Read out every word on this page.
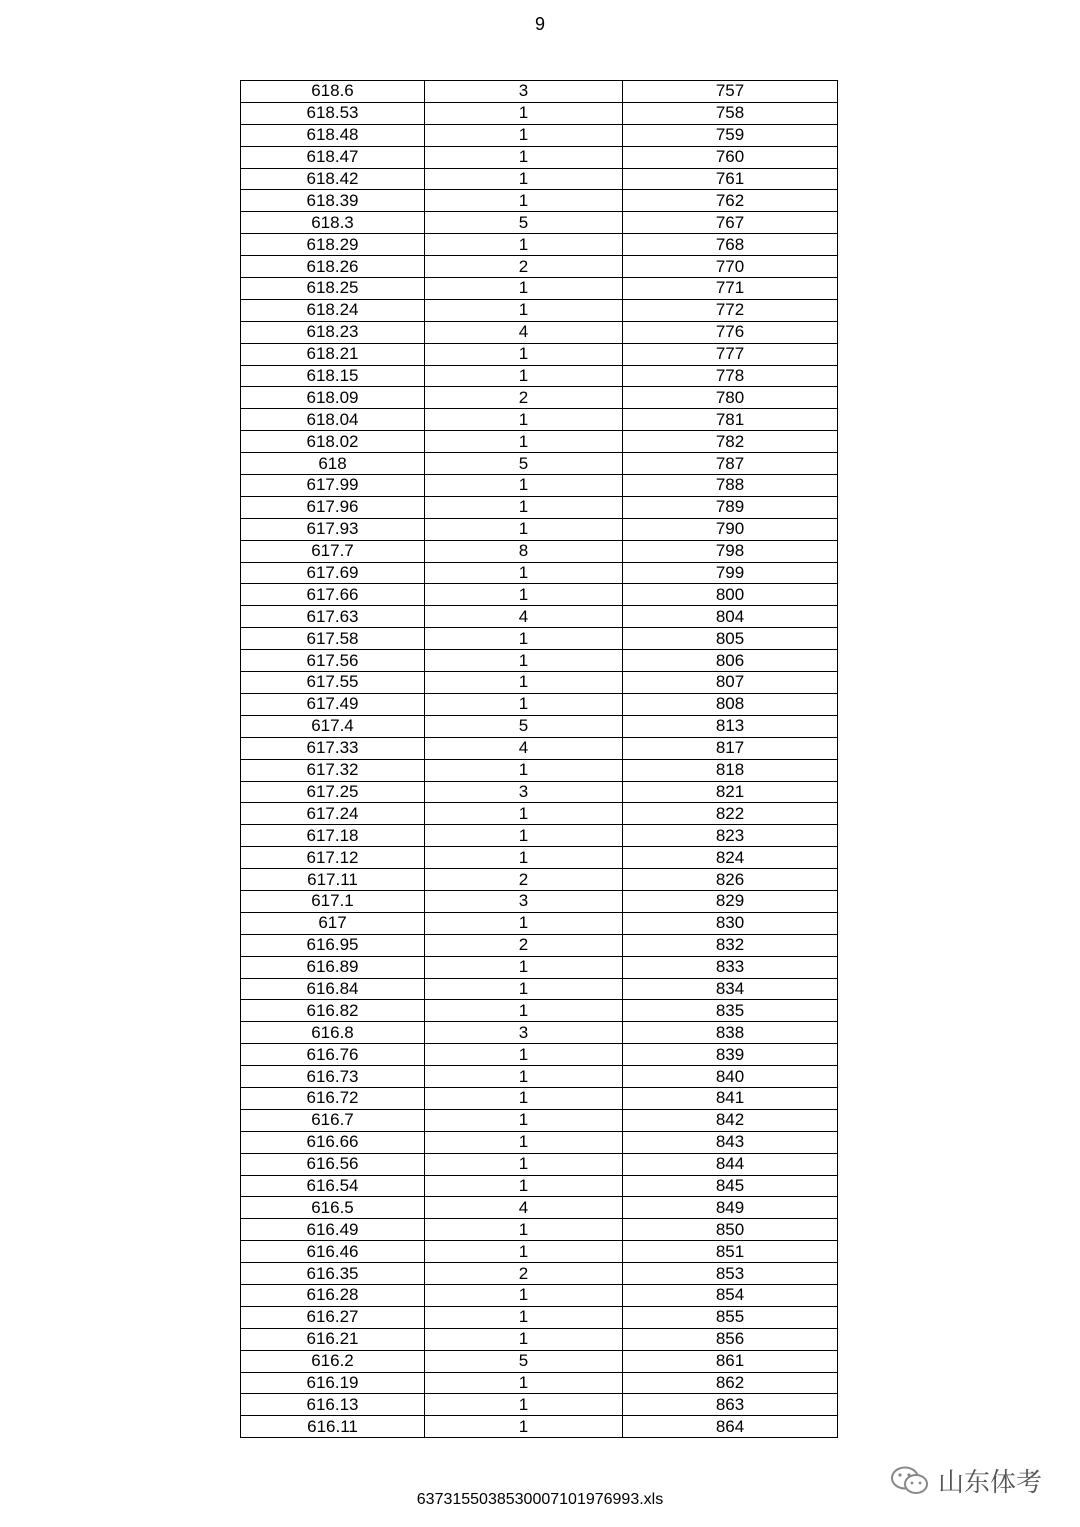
9
618.6	3	757
618.53	1	758
618.48	1	759
618.47	1	760
618.42	1	761
618.39	1	762
618.3	5	767
618.29	1	768
618.26	2	770
618.25	1	771
618.24	1	772
618.23	4	776
618.21	1	777
618.15	1	778
618.09	2	780
618.04	1	781
618.02	1	782
618	5	787
617.99	1	788
617.96	1	789
617.93	1	790
617.7	8	798
617.69	1	799
617.66	1	800
617.63	4	804
617.58	1	805
617.56	1	806
617.55	1	807
617.49	1	808
617.4	5	813
617.33	4	817
617.32	1	818
617.25	3	821
617.24	1	822
617.18	1	823
617.12	1	824
617.11	2	826
617.1	3	829
617	1	830
616.95	2	832
616.89	1	833
616.84	1	834
616.82	1	835
616.8	3	838
616.76	1	839
616.73	1	840
616.72	1	841
616.7	1	842
616.66	1	843
616.56	1	844
616.54	1	845
616.5	4	849
616.49	1	850
616.46	1	851
616.35	2	853
616.28	1	854
616.27	1	855
616.21	1	856
616.2	5	861
616.19	1	862
616.13	1	863
616.11	1	864
6373155038530007101976993.xls
山东体考
